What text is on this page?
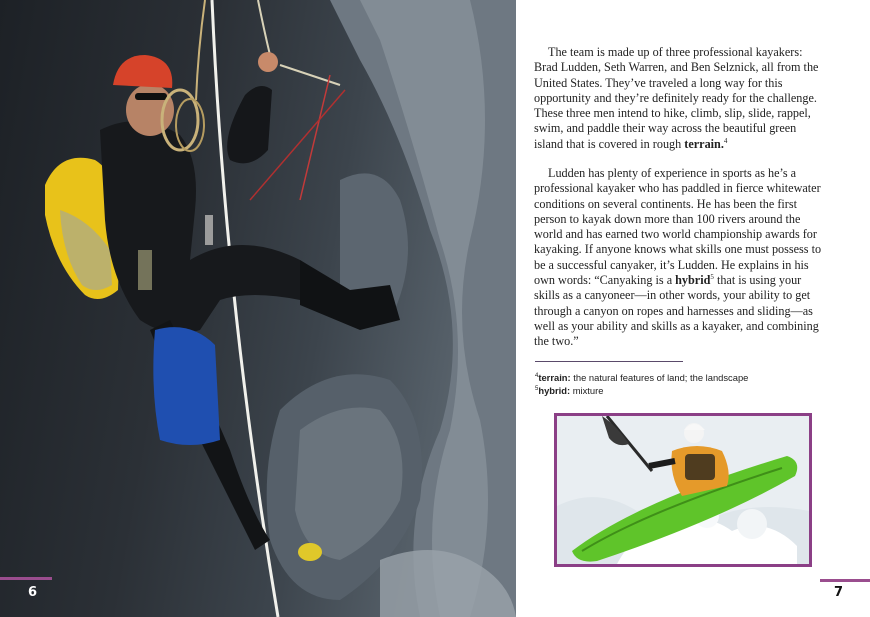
6

The team is made up of three professional kayakers: Brad Ludden, Seth Warren, and Ben Selznick, all from the United States. They’ve traveled a long way for this opportunity and they’re definitely ready for the challenge. These three men intend to hike, climb, slip, slide, rappel, swim, and paddle their way across the beautiful green island that is covered in rough terrain.$^4$

Ludden has plenty of experience in sports as he’s a professional kayaker who has paddled in fierce whitewater conditions on several continents. He has been the first person to kayak down more than 100 rivers around the world and has earned two world championship awards for kayaking. If anyone knows what skills one must possess to be a successful canyaker, it’s Ludden. He explains in his own words: “Canyaking is a hybrid$^5$ that is using your skills as a canyoneer—in other words, your ability to get through a canyon on ropes and harnesses and sliding—as well as your ability and skills as a kayaker, and combining the two.”

$^4$terrain: the natural features of land; the landscape
$^5$hybrid: mixture
7
